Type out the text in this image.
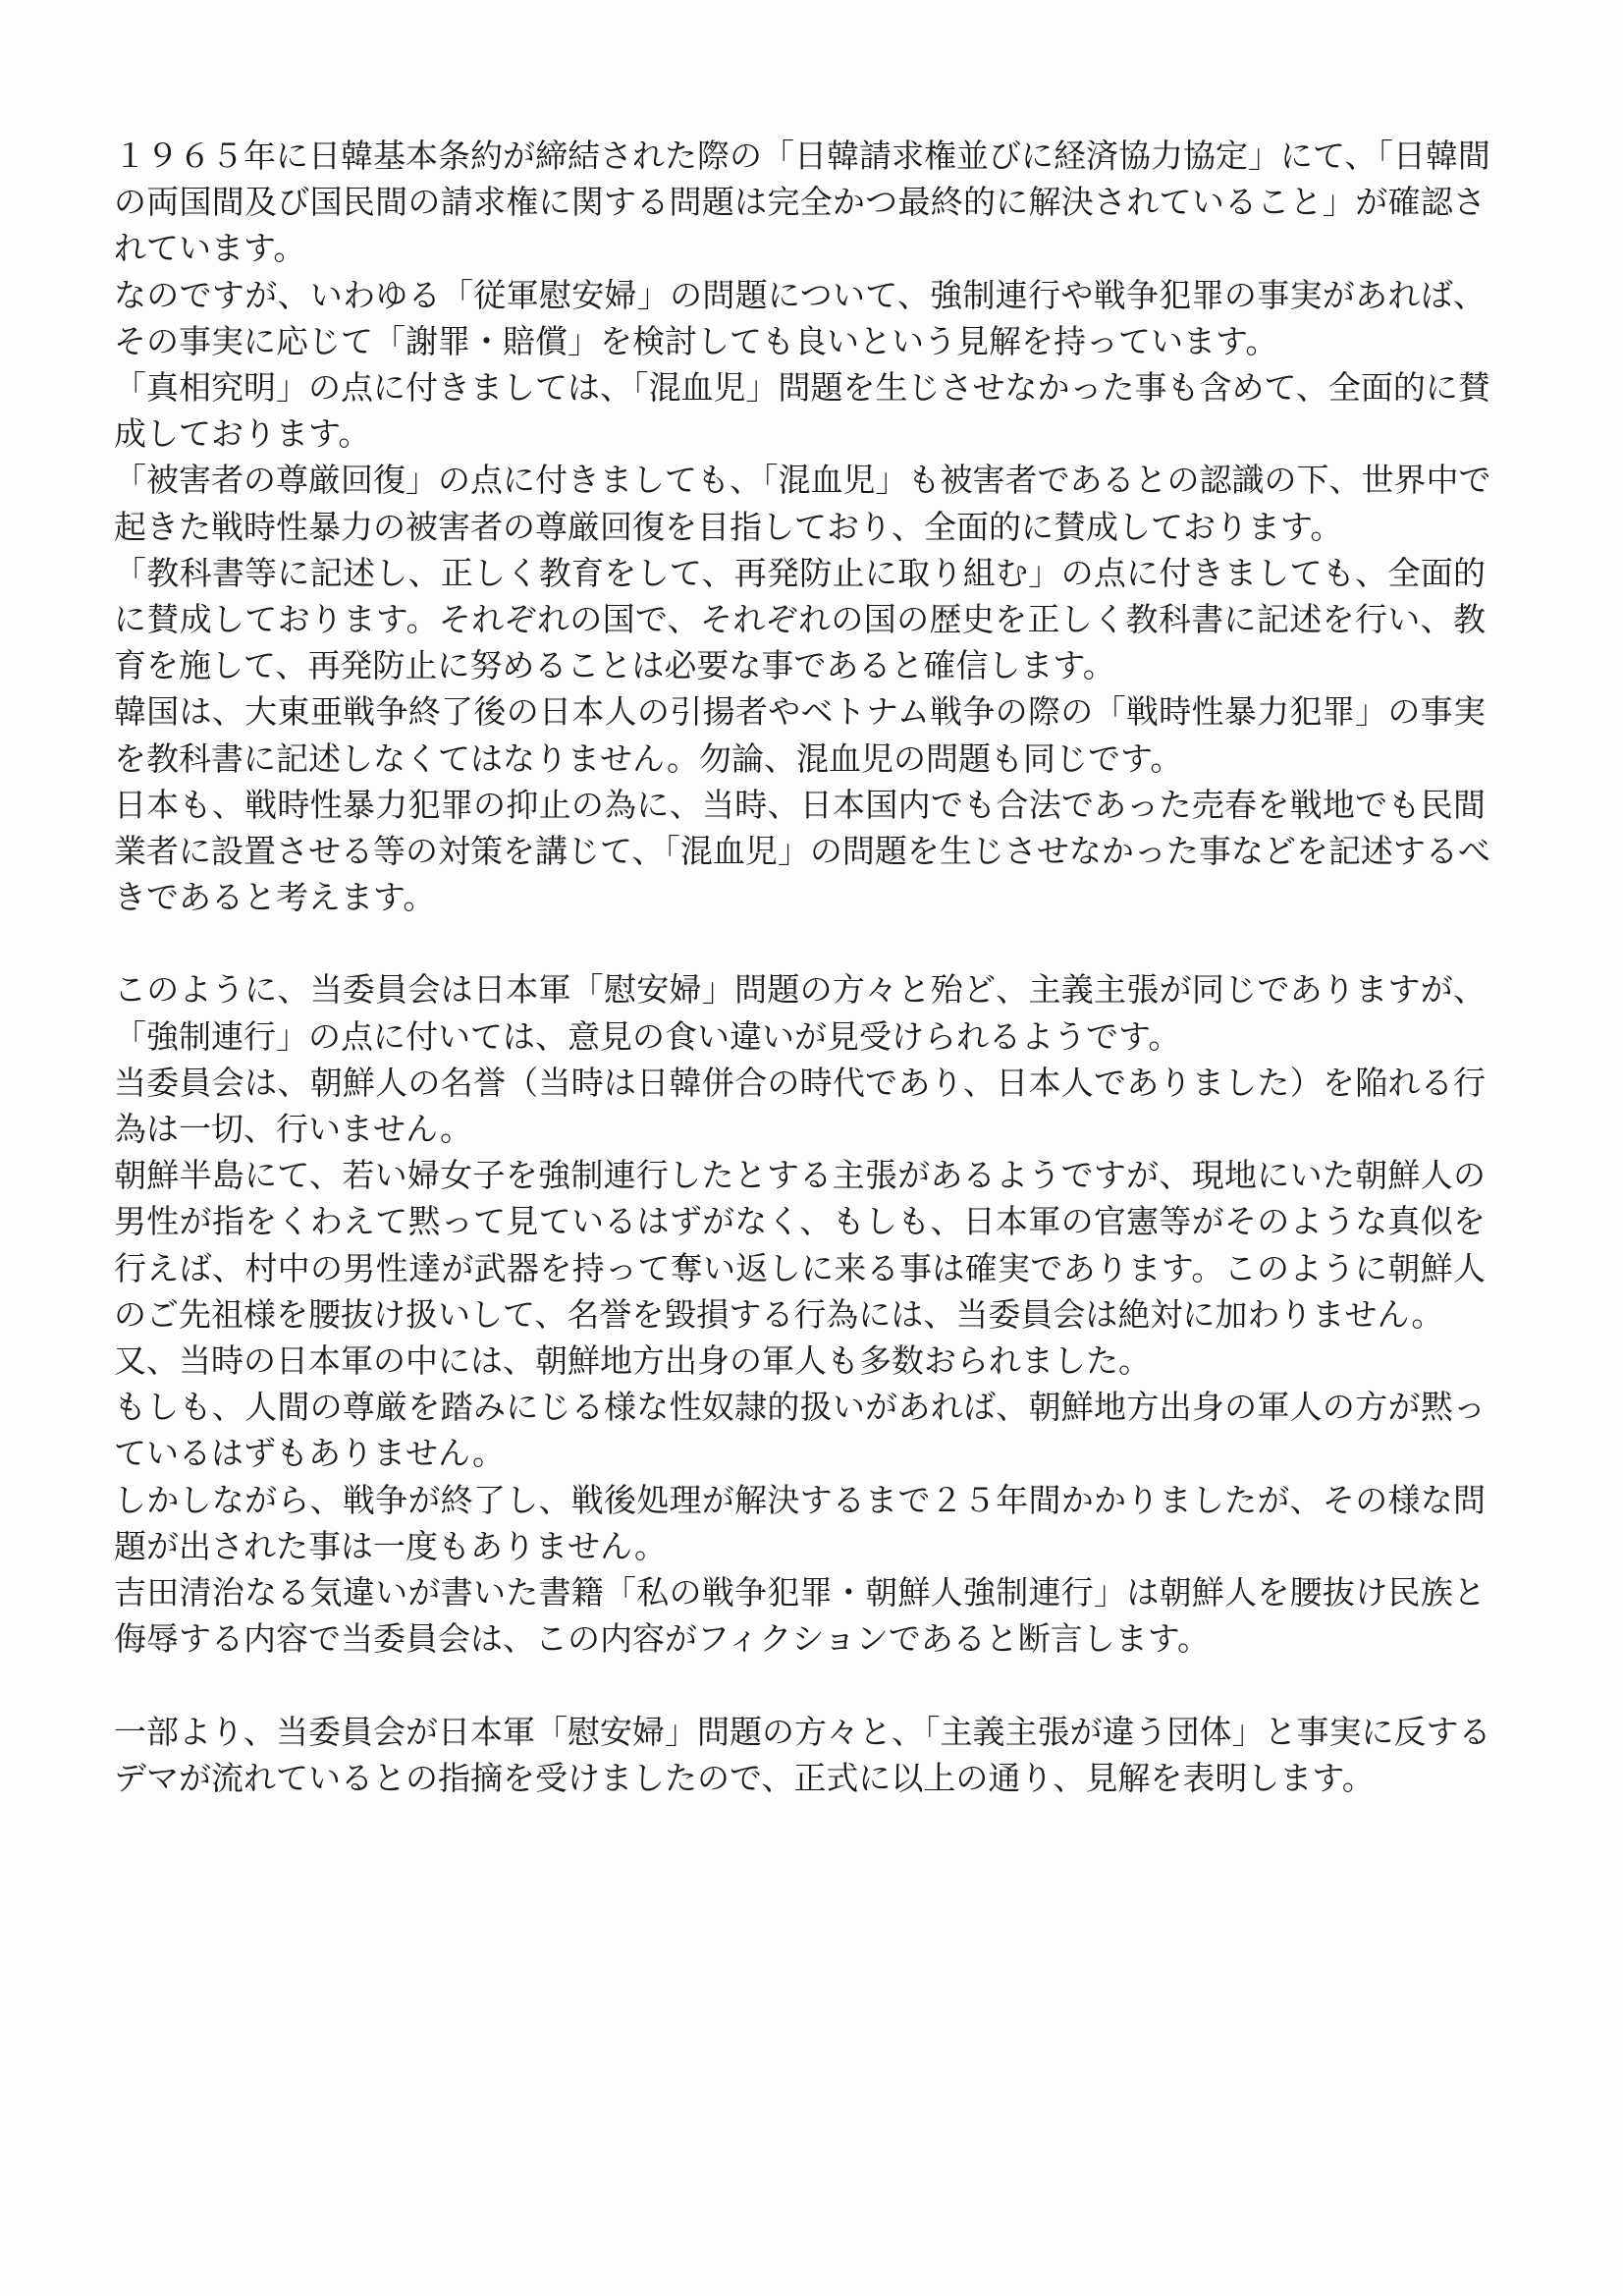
１９６５年に日韓基本条約が締結された際の「日韓請求権並びに経済協力協定」にて、「日韓間
の両国間及び国民間の請求権に関する問題は完全かつ最終的に解決されていること」が確認さ
れています。
なのですが、いわゆる「従軍慰安婦」の問題について、強制連行や戦争犯罪の事実があれば、
その事実に応じて「謝罪・賠償」を検討しても良いという見解を持っています。
「真相究明」の点に付きましては、「混血児」問題を生じさせなかった事も含めて、全面的に賛
成しております。
「被害者の尊厳回復」の点に付きましても、「混血児」も被害者であるとの認識の下、世界中で
起きた戦時性暴力の被害者の尊厳回復を目指しており、全面的に賛成しております。
「教科書等に記述し、正しく教育をして、再発防止に取り組む」の点に付きましても、全面的
に賛成しております。それぞれの国で、それぞれの国の歴史を正しく教科書に記述を行い、教
育を施して、再発防止に努めることは必要な事であると確信します。
韓国は、大東亜戦争終了後の日本人の引揚者やベトナム戦争の際の「戦時性暴力犯罪」の事実
を教科書に記述しなくてはなりません。勿論、混血児の問題も同じです。
日本も、戦時性暴力犯罪の抑止の為に、当時、日本国内でも合法であった売春を戦地でも民間
業者に設置させる等の対策を講じて、「混血児」の問題を生じさせなかった事などを記述するべ
きであると考えます。
このように、当委員会は日本軍「慰安婦」問題の方々と殆ど、主義主張が同じでありますが、
「強制連行」の点に付いては、意見の食い違いが見受けられるようです。
当委員会は、朝鮮人の名誉（当時は日韓併合の時代であり、日本人でありました）を陥れる行
為は一切、行いません。
朝鮮半島にて、若い婦女子を強制連行したとする主張があるようですが、現地にいた朝鮮人の
男性が指をくわえて黙って見ているはずがなく、もしも、日本軍の官憲等がそのような真似を
行えば、村中の男性達が武器を持って奪い返しに来る事は確実であります。このように朝鮮人
のご先祖様を腰抜け扱いして、名誉を毀損する行為には、当委員会は絶対に加わりません。
又、当時の日本軍の中には、朝鮮地方出身の軍人も多数おられました。
もしも、人間の尊厳を踏みにじる様な性奴隷的扱いがあれば、朝鮮地方出身の軍人の方が黙っ
ているはずもありません。
しかしながら、戦争が終了し、戦後処理が解決するまで２５年間かかりましたが、その様な問
題が出された事は一度もありません。
吉田清治なる気違いが書いた書籍「私の戦争犯罪・朝鮮人強制連行」は朝鮮人を腰抜け民族と
侮辱する内容で当委員会は、この内容がフィクションであると断言します。
一部より、当委員会が日本軍「慰安婦」問題の方々と、「主義主張が違う団体」と事実に反する
デマが流れているとの指摘を受けましたので、正式に以上の通り、見解を表明します。
